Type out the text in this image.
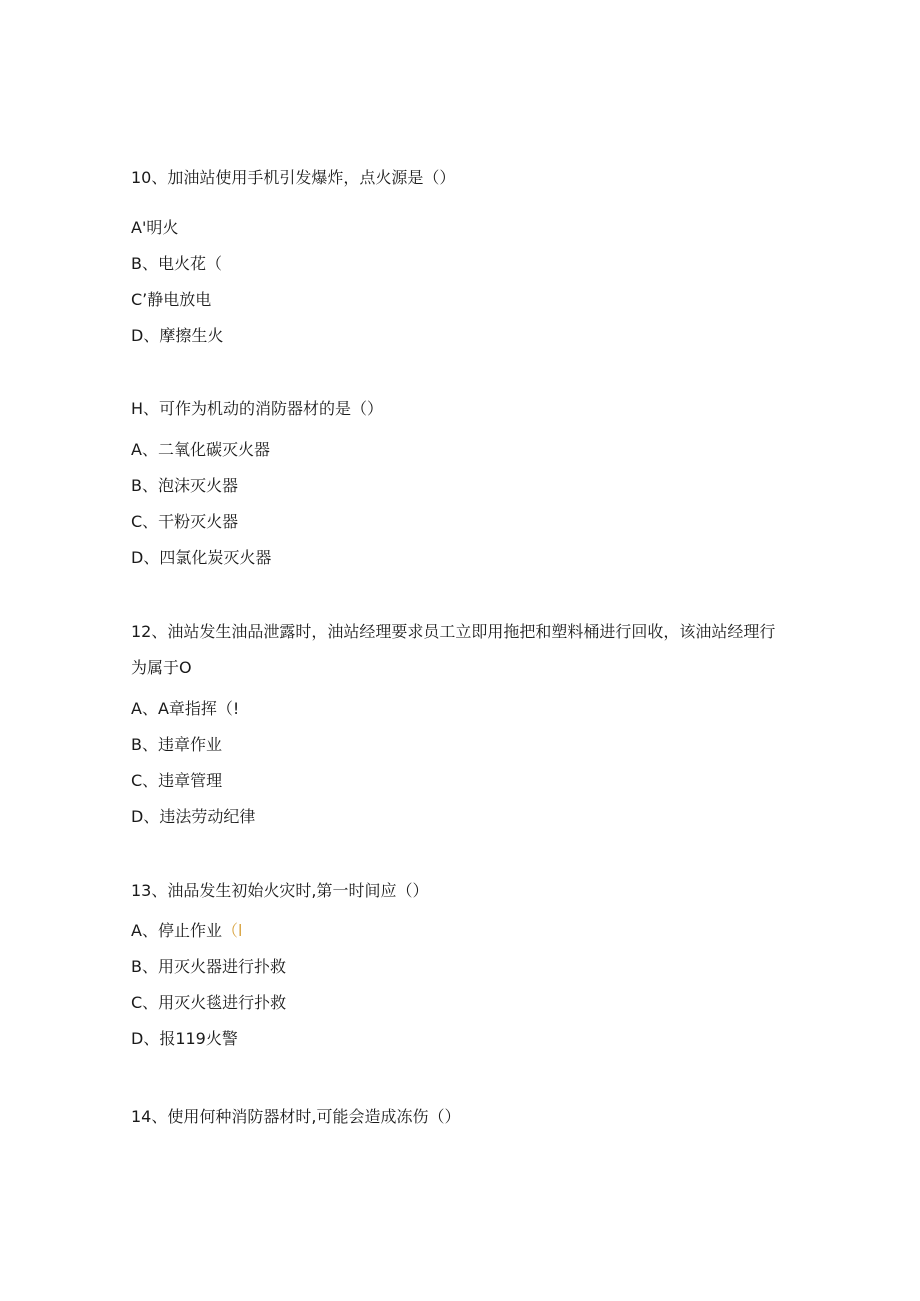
10、加油站使用手机引发爆炸，点火源是（）

A'明火

B、电火花（

C’静电放电

D、摩擦生火

H、可作为机动的消防器材的是（）

A、二氧化碳灭火器

B、泡沫灭火器

C、干粉灭火器

D、四氯化炭灭火器

12、油站发生油品泄露时，油站经理要求员工立即用拖把和塑料桶进行回收，该油站经理行为属于O

A、A章指挥（!

B、违章作业

C、违章管理

D、违法劳动纪律

13、油品发生初始火灾时,第一时间应（）

A、停止作业（l

B、用灭火器进行扑救

C、用灭火毯进行扑救

D、报119火警

14、使用何种消防器材时,可能会造成冻伤（）
